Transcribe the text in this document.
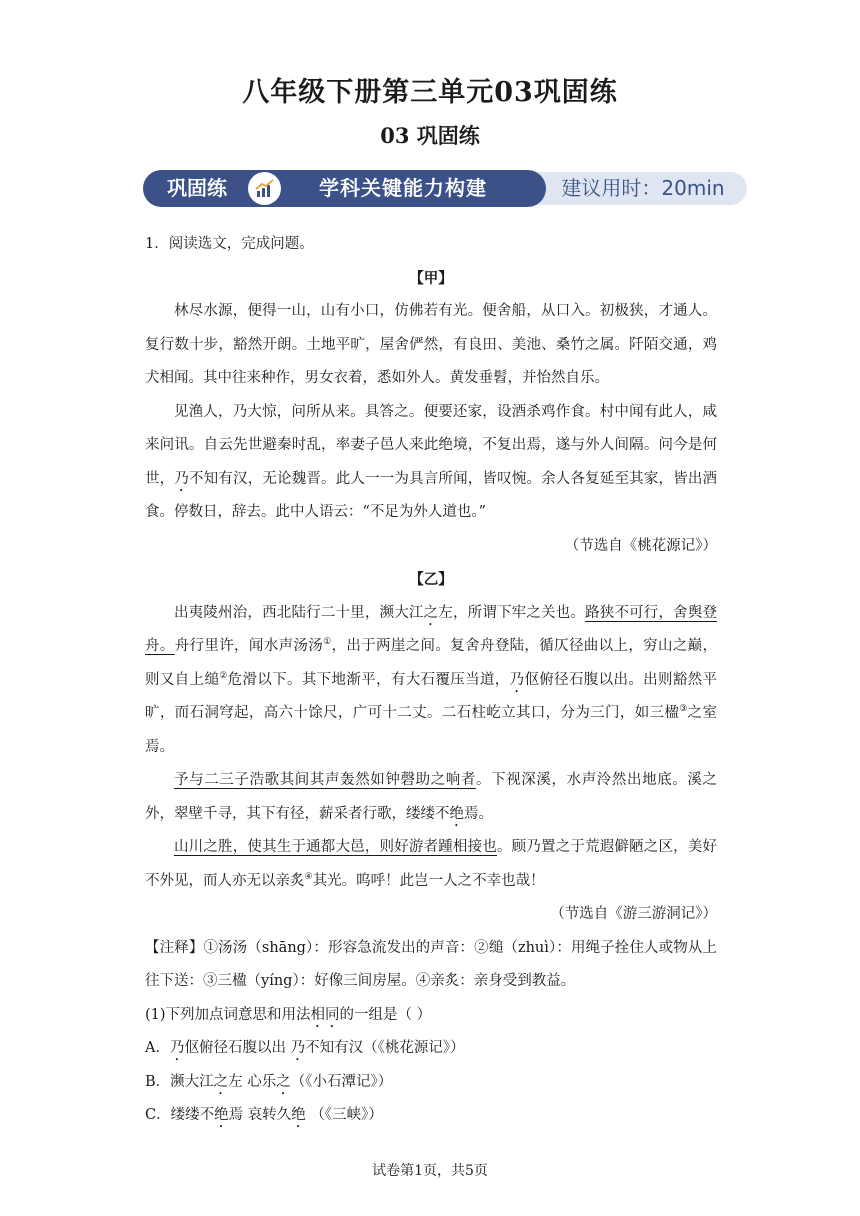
八年级下册第三单元03巩固练
03 巩固练
巩固练	学科关键能力构建	建议用时：20min

1．阅读选文，完成问题。

【甲】

林尽水源，便得一山，山有小口，仿佛若有光。便舍船，从口入。初极狭，才通人。复行数十步，豁然开朗。土地平旷，屋舍俨然，有良田、美池、桑竹之属。阡陌交通，鸡犬相闻。其中往来种作，男女衣着，悉如外人。黄发垂髫，并怡然自乐。

见渔人，乃大惊，问所从来。具答之。便要还家，设酒杀鸡作食。村中闻有此人，咸来问讯。自云先世避秦时乱，率妻子邑人来此绝境，不复出焉，遂与外人间隔。问今是何世，乃不知有汉，无论魏晋。此人一一为具言所闻，皆叹惋。余人各复延至其家，皆出酒食。停数日，辞去。此中人语云：“不足为外人道也。”

（节选自《桃花源记》）

【乙】

出夷陵州治，西北陆行二十里，濒大江之左，所谓下牢之关也。路狭不可行，舍舆登舟。舟行里许，闻水声汤汤①，出于两崖之间。复舍舟登陆，循仄径曲以上，穷山之巅，则又自上缒②危滑以下。其下地渐平，有大石覆压当道，乃伛俯径石腹以出。出则豁然平旷，而石洞穹起，高六十馀尺，广可十二丈。二石柱屹立其口，分为三门，如三楹③之室焉。

予与二三子浩歌其间其声轰然如钟磬助之响者。下视深溪，水声泠然出地底。溪之外，翠壁千寻，其下有径，薪采者行歌，缕缕不绝焉。

山川之胜，使其生于通都大邑，则好游者踵相接也。顾乃置之于荒遐僻陋之区，美好不外见，而人亦无以亲炙④其光。呜呼！此岂一人之不幸也哉！

（节选自《游三游洞记》）

【注释】①汤汤（shāng）：形容急流发出的声音：②缒（zhuì）：用绳子拴住人或物从上往下送：③三楹（yíng）：好像三间房屋。④亲炙：亲身受到教益。

(1)下列加点词意思和用法相同的一组是（ ）

A．乃伛俯径石腹以出 乃不知有汉（《桃花源记》）

B．濒大江之左 心乐之（《小石潭记》）

C．缕缕不绝焉 哀转久绝 （《三峡》）

试卷第1页，共5页
